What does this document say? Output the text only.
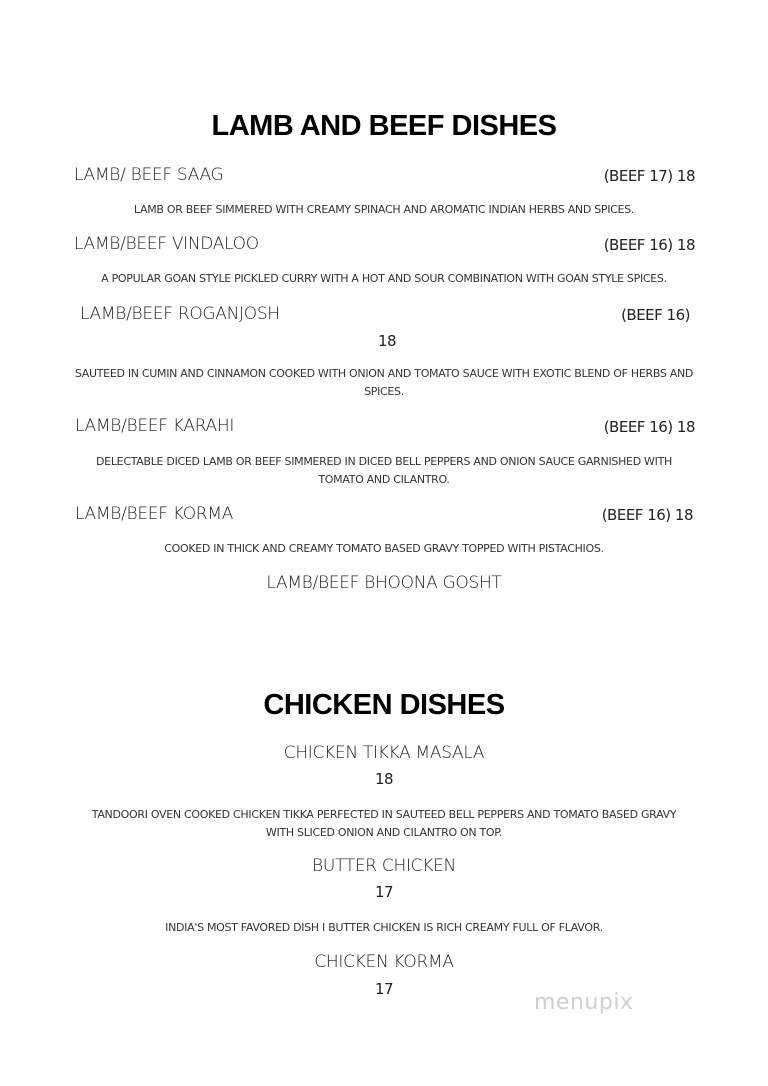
LAMB AND BEEF DISHES
LAMB/ BEEF SAAG	(BEEF 17) 18
LAMB OR BEEF SIMMERED WITH CREAMY SPINACH AND AROMATIC INDIAN HERBS AND SPICES.
LAMB/BEEF VINDALOO	(BEEF 16) 18
A POPULAR GOAN STYLE PICKLED CURRY WITH A HOT AND SOUR COMBINATION WITH GOAN STYLE SPICES.
LAMB/BEEF ROGANJOSH	(BEEF 16)
18
SAUTEED IN CUMIN AND CINNAMON COOKED WITH ONION AND TOMATO SAUCE WITH EXOTIC BLEND OF HERBS AND SPICES.
LAMB/BEEF KARAHI	(BEEF 16) 18
DELECTABLE DICED LAMB OR BEEF SIMMERED IN DICED BELL PEPPERS AND ONION SAUCE GARNISHED WITH TOMATO AND CILANTRO.
LAMB/BEEF KORMA	(BEEF 16) 18
COOKED IN THICK AND CREAMY TOMATO BASED GRAVY TOPPED WITH PISTACHIOS.
LAMB/BEEF BHOONA GOSHT
CHICKEN DISHES
CHICKEN TIKKA MASALA
18
TANDOORI OVEN COOKED CHICKEN TIKKA PERFECTED IN SAUTEED BELL PEPPERS AND TOMATO BASED GRAVY WITH SLICED ONION AND CILANTRO ON TOP.
BUTTER CHICKEN
17
INDIA'S MOST FAVORED DISH I BUTTER CHICKEN IS RICH CREAMY FULL OF FLAVOR.
CHICKEN KORMA
17
menupix
